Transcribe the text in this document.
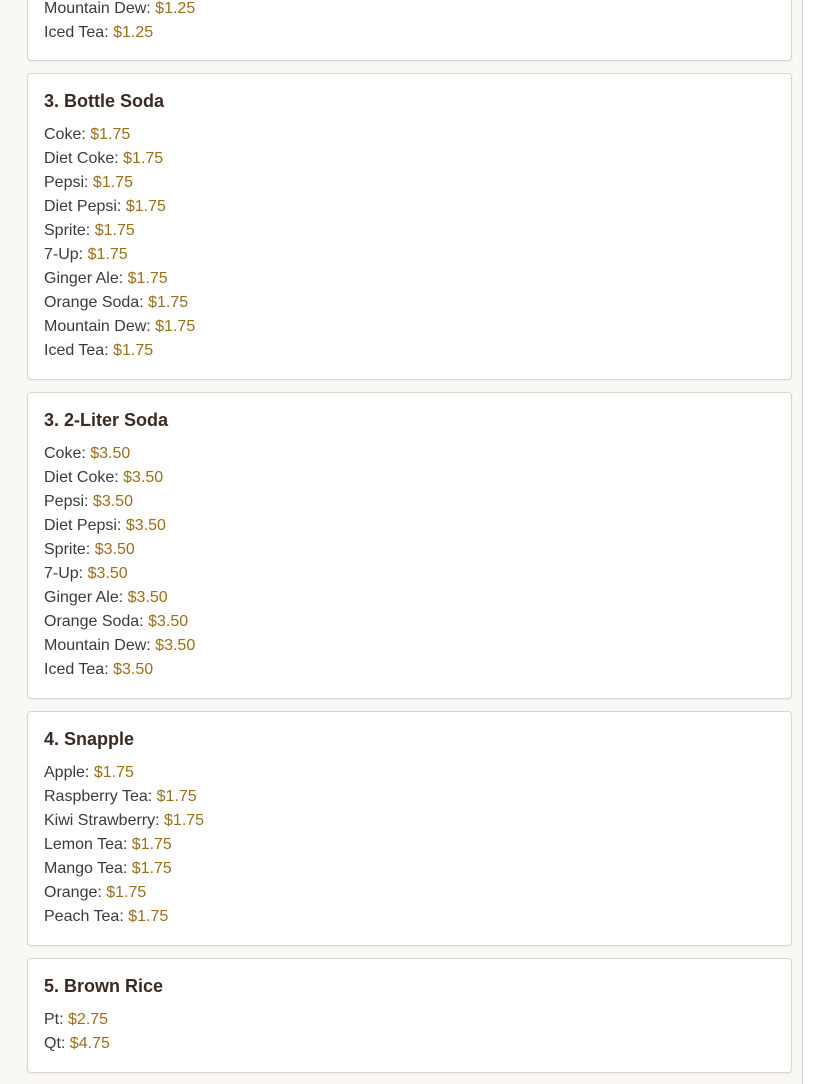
Mountain Dew: $1.25
Iced Tea: $1.25
3. Bottle Soda
Coke: $1.75
Diet Coke: $1.75
Pepsi: $1.75
Diet Pepsi: $1.75
Sprite: $1.75
7-Up: $1.75
Ginger Ale: $1.75
Orange Soda: $1.75
Mountain Dew: $1.75
Iced Tea: $1.75
3. 2-Liter Soda
Coke: $3.50
Diet Coke: $3.50
Pepsi: $3.50
Diet Pepsi: $3.50
Sprite: $3.50
7-Up: $3.50
Ginger Ale: $3.50
Orange Soda: $3.50
Mountain Dew: $3.50
Iced Tea: $3.50
4. Snapple
Apple: $1.75
Raspberry Tea: $1.75
Kiwi Strawberry: $1.75
Lemon Tea: $1.75
Mango Tea: $1.75
Orange: $1.75
Peach Tea: $1.75
5. Brown Rice
Pt: $2.75
Qt: $4.75
